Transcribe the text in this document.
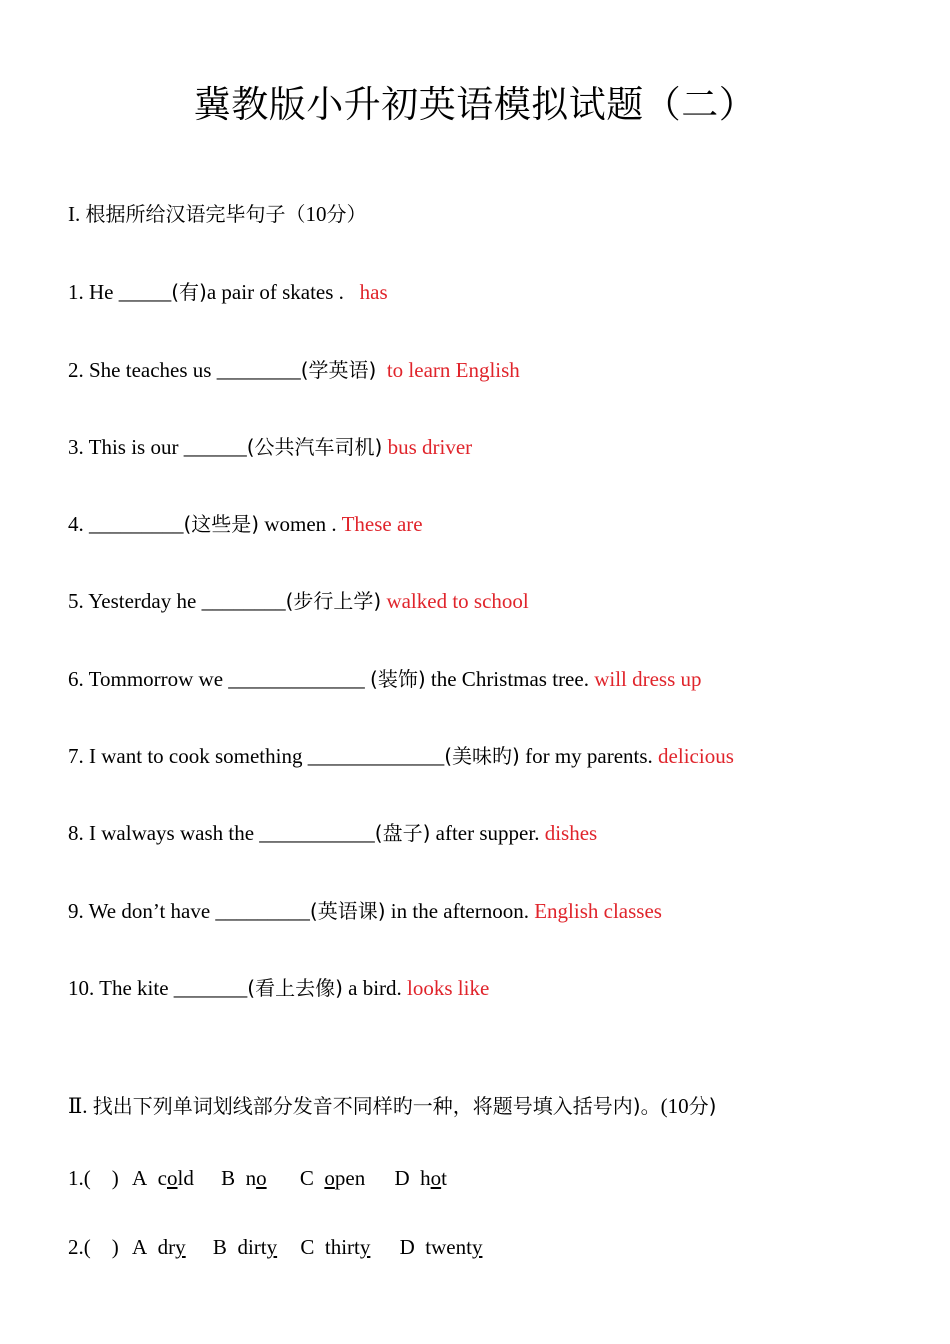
冀教版小升初英语模拟试题（二）
I. 根据所给汉语完毕句子（10分）
1. He _____(有)a pair of skates .   has
2. She teaches us ________(学英语) to learn English
3. This is our ______(公共汽车司机) bus driver
4. _________(这些是) women . These are
5. Yesterday he ________(步行上学) walked to school
6. Tommorrow we _____________ (装饰) the Christmas tree. will dress up
7. I want to cook something _____________(美味旳) for my parents. delicious
8. I walways wash the ___________(盘子) after supper. dishes
9. We don’t have _________(英语课) in the afternoon. English classes
10. The kite _______(看上去像) a bird. looks like
Ⅱ. 找出下列单词划线部分发音不同样旳一种，将题号填入括号内)。(10分)
1.(    ) A cold B no C open D hot
2.(    ) A dry B dirty C thirty D twenty
